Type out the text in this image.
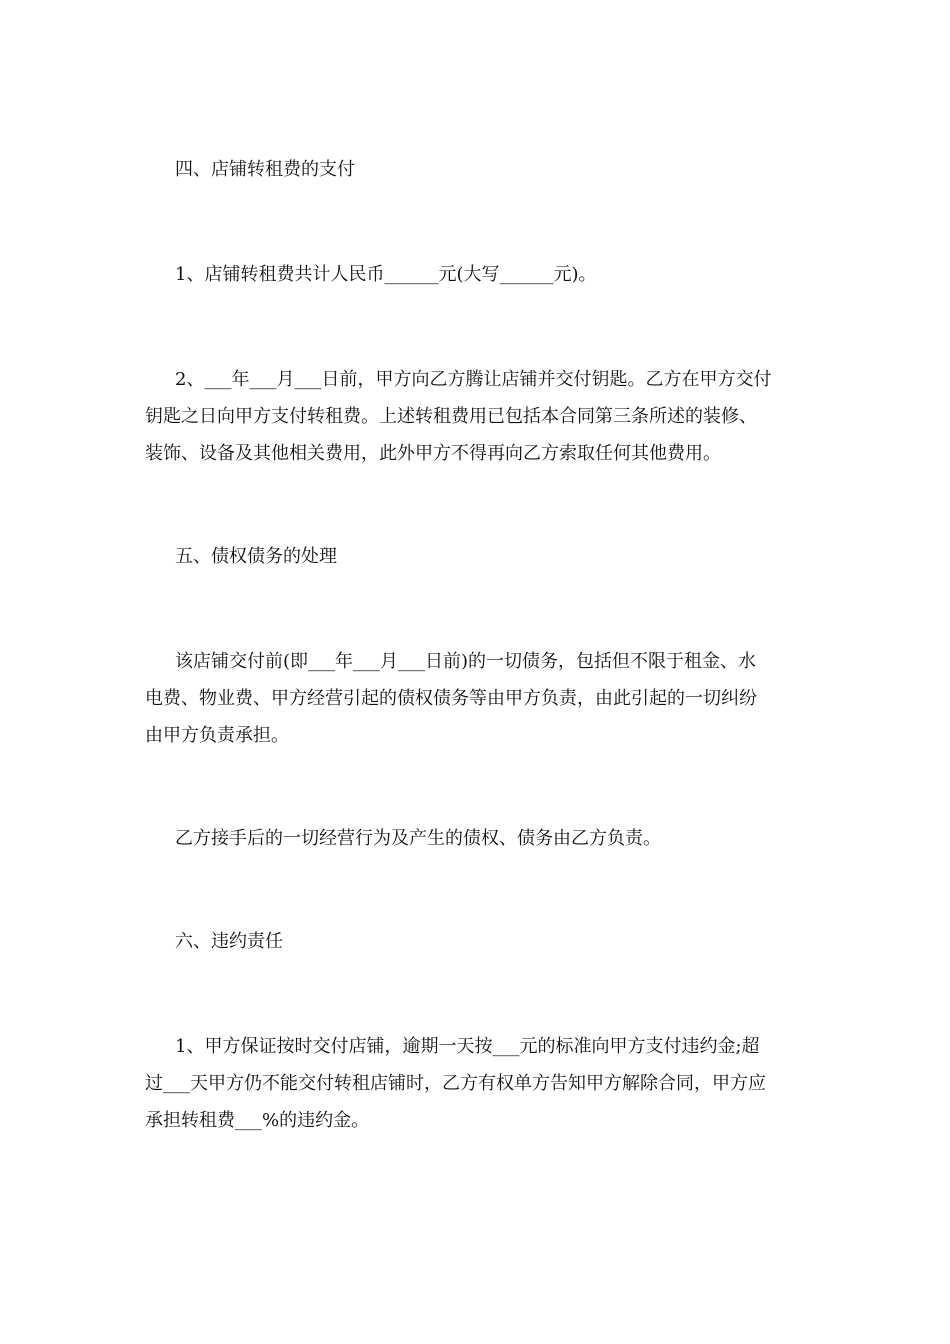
四、店铺转租费的支付
1、店铺转租费共计人民币______元(大写______元)。
2、___年___月___日前，甲方向乙方腾让店铺并交付钥匙。乙方在甲方交付
钥匙之日向甲方支付转租费。上述转租费用已包括本合同第三条所述的装修、
装饰、设备及其他相关费用，此外甲方不得再向乙方索取任何其他费用。
五、债权债务的处理
该店铺交付前(即___年___月___日前)的一切债务，包括但不限于租金、水
电费、物业费、甲方经营引起的债权债务等由甲方负责，由此引起的一切纠纷
由甲方负责承担。
乙方接手后的一切经营行为及产生的债权、债务由乙方负责。
六、违约责任
1、甲方保证按时交付店铺，逾期一天按___元的标准向甲方支付违约金;超
过___天甲方仍不能交付转租店铺时，乙方有权单方告知甲方解除合同，甲方应
承担转租费___%的违约金。
